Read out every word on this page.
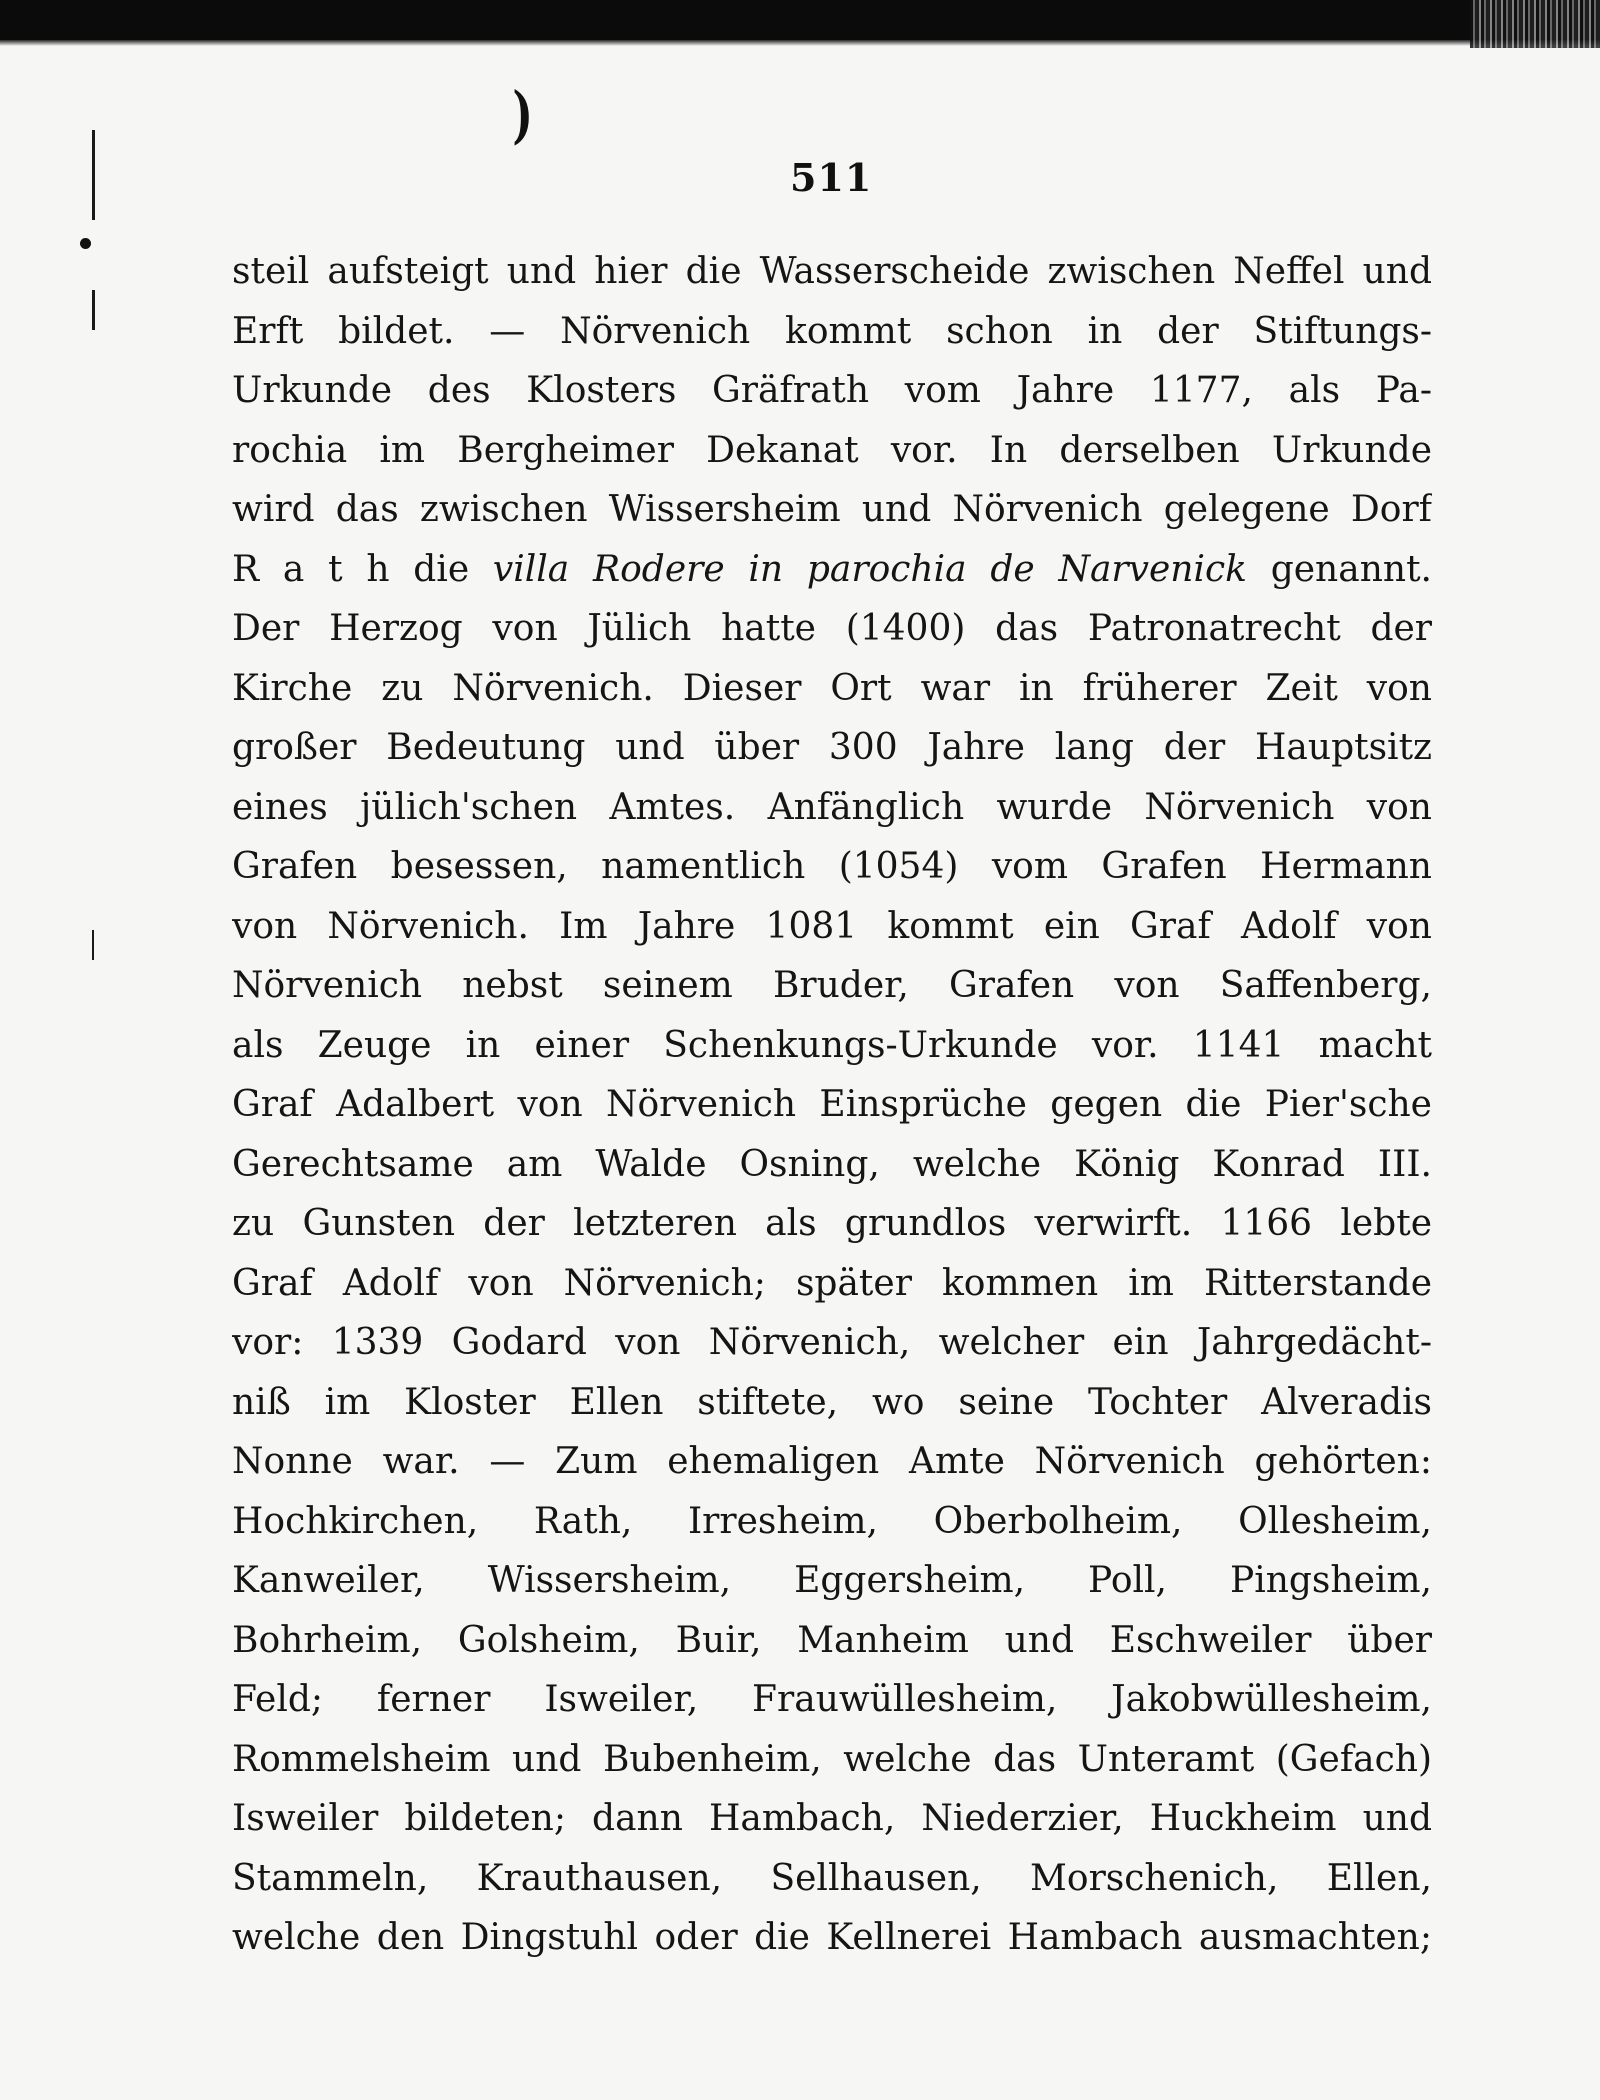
)
511
steil aufsteigt und hier die Wasserscheide zwischen Neffel und
Erft bildet. — Nörvenich kommt schon in der Stiftungs-
Urkunde des Klosters Gräfrath vom Jahre 1177, als Pa-
rochia im Bergheimer Dekanat vor. In derselben Urkunde
wird das zwischen Wissersheim und Nörvenich gelegene Dorf
R a t h die villa Rodere in parochia de Narvenick genannt.
Der Herzog von Jülich hatte (1400) das Patronatrecht der
Kirche zu Nörvenich. Dieser Ort war in früherer Zeit von
großer Bedeutung und über 300 Jahre lang der Hauptsitz
eines jülich'schen Amtes. Anfänglich wurde Nörvenich von
Grafen besessen, namentlich (1054) vom Grafen Hermann
von Nörvenich. Im Jahre 1081 kommt ein Graf Adolf von
Nörvenich nebst seinem Bruder, Grafen von Saffenberg,
als Zeuge in einer Schenkungs-Urkunde vor. 1141 macht
Graf Adalbert von Nörvenich Einsprüche gegen die Pier'sche
Gerechtsame am Walde Osning, welche König Konrad III.
zu Gunsten der letzteren als grundlos verwirft. 1166 lebte
Graf Adolf von Nörvenich; später kommen im Ritterstande
vor: 1339 Godard von Nörvenich, welcher ein Jahrgedächt-
niß im Kloster Ellen stiftete, wo seine Tochter Alveradis
Nonne war. — Zum ehemaligen Amte Nörvenich gehörten:
Hochkirchen, Rath, Irresheim, Oberbolheim, Ollesheim,
Kanweiler, Wissersheim, Eggersheim, Poll, Pingsheim,
Bohrheim, Golsheim, Buir, Manheim und Eschweiler über
Feld; ferner Isweiler, Frauwüllesheim, Jakobwüllesheim,
Rommelsheim und Bubenheim, welche das Unteramt (Gefach)
Isweiler bildeten; dann Hambach, Niederzier, Huckheim und
Stammeln, Krauthausen, Sellhausen, Morschenich, Ellen,
welche den Dingstuhl oder die Kellnerei Hambach ausmachten;
